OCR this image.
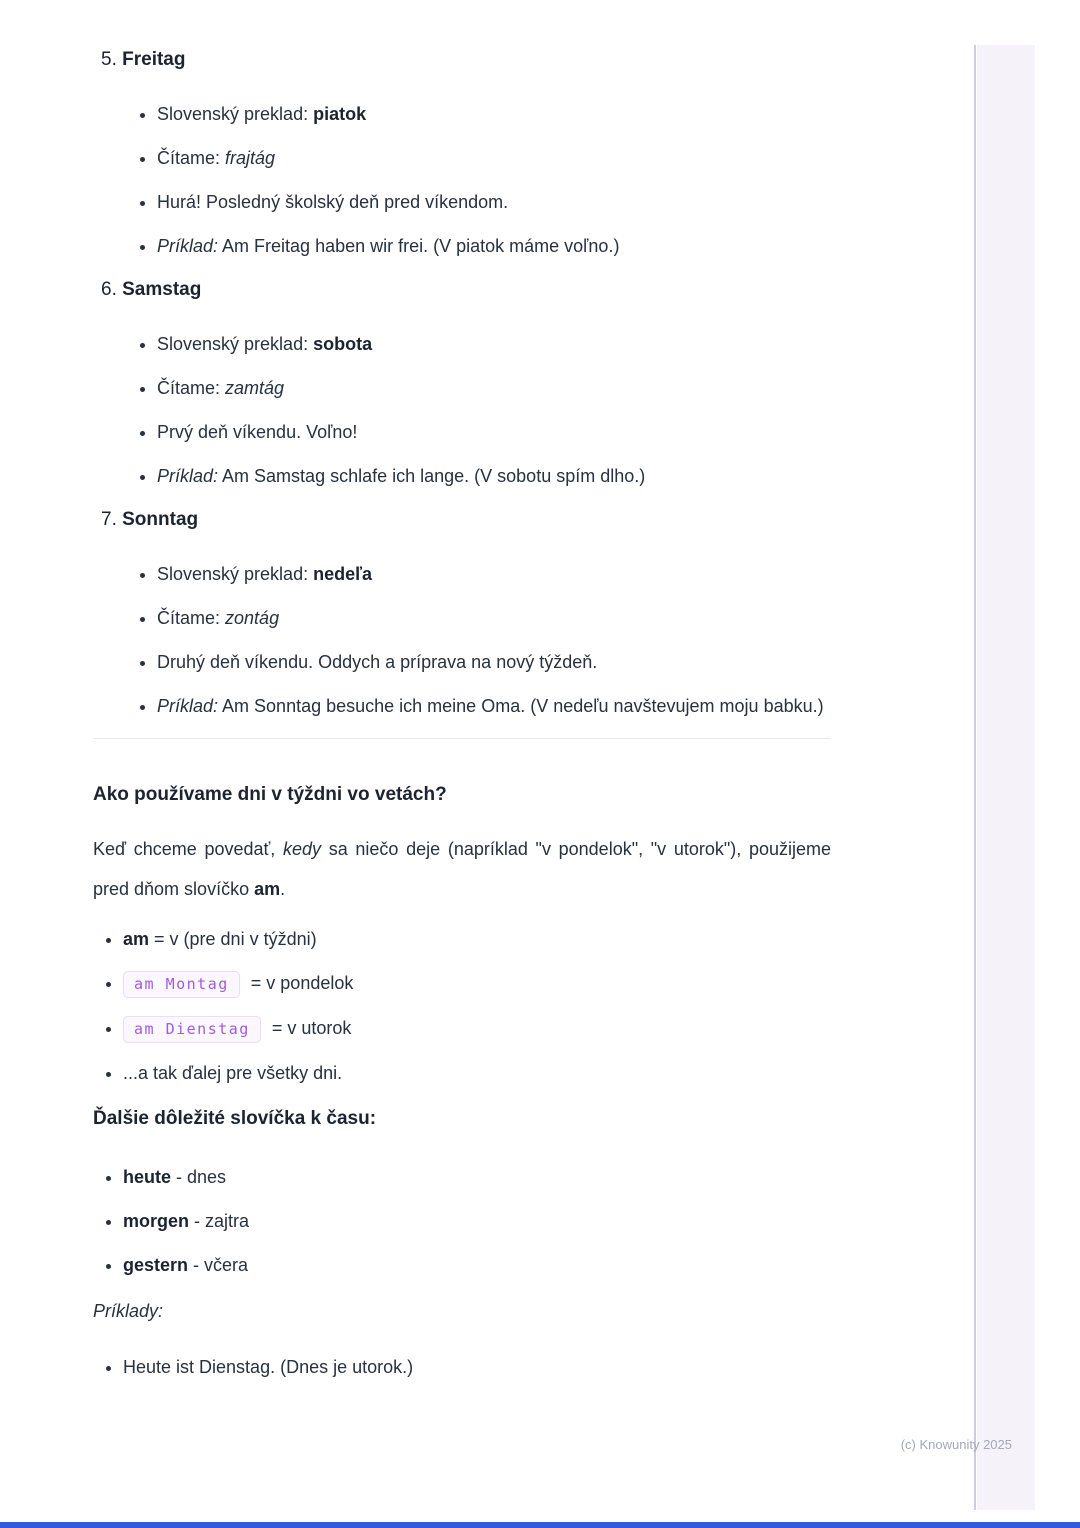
5. Freitag
• Slovenský preklad: piatok
• Čítame: frajtág
• Hurá! Posledný školský deň pred víkendom.
• Príklad: Am Freitag haben wir frei. (V piatok máme voľno.)
6. Samstag
• Slovenský preklad: sobota
• Čítame: zamtág
• Prvý deň víkendu. Voľno!
• Príklad: Am Samstag schlafe ich lange. (V sobotu spím dlho.)
7. Sonntag
• Slovenský preklad: nedeľa
• Čítame: zontág
• Druhý deň víkendu. Oddych a príprava na nový týždeň.
• Príklad: Am Sonntag besuche ich meine Oma. (V nedeľu navštevujem moju babku.)
Ako používame dni v týždni vo vetách?

Keď chceme povedať, kedy sa niečo deje (napríklad "v pondelok", "v utorok"), použijeme pred dňom slovíčko am.

• am = v (pre dni v týždni)
• am Montag = v pondelok
• am Dienstag = v utorok
• ...a tak ďalej pre všetky dni.
Ďalšie dôležité slovíčka k času:
• heute - dnes
• morgen - zajtra
• gestern - včera

Príklady:

• Heute ist Dienstag. (Dnes je utorok.)
(c) Knowunity 2025
